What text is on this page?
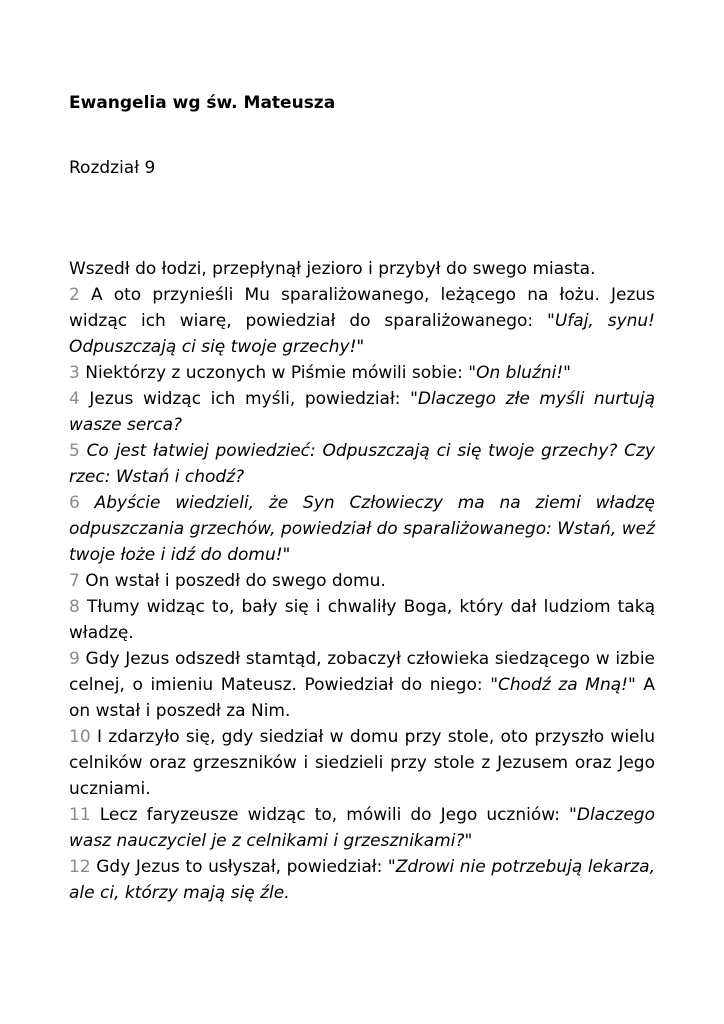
Ewangelia wg św. Mateusza

Rozdział 9

Wszedł do łodzi, przepłynął jezioro i przybył do swego miasta.

2 A oto przynieśli Mu sparaliżowanego, leżącego na łożu. Jezus widząc ich wiarę, powiedział do sparaliżowanego: "Ufaj, synu! Odpuszczają ci się twoje grzechy!"

3 Niektórzy z uczonych w Piśmie mówili sobie: "On bluźni!"

4 Jezus widząc ich myśli, powiedział: "Dlaczego złe myśli nurtują wasze serca?

5 Co jest łatwiej powiedzieć: Odpuszczają ci się twoje grzechy? Czy rzec: Wstań i chodź?

6 Abyście wiedzieli, że Syn Człowieczy ma na ziemi władzę odpuszczania grzechów, powiedział do sparaliżowanego: Wstań, weź twoje łoże i idź do domu!"

7 On wstał i poszedł do swego domu.

8 Tłumy widząc to, bały się i chwaliły Boga, który dał ludziom taką władzę.

9 Gdy Jezus odszedł stamtąd, zobaczył człowieka siedzącego w izbie celnej, o imieniu Mateusz. Powiedział do niego: "Chodź za Mną!" A on wstał i poszedł za Nim.

10 I zdarzyło się, gdy siedział w domu przy stole, oto przyszło wielu celników oraz grzeszników i siedzieli przy stole z Jezusem oraz Jego uczniami.

11 Lecz faryzeusze widząc to, mówili do Jego uczniów: "Dlaczego wasz nauczyciel je z celnikami i grzesznikami?"

12 Gdy Jezus to usłyszał, powiedział: "Zdrowi nie potrzebują lekarza, ale ci, którzy mają się źle.
